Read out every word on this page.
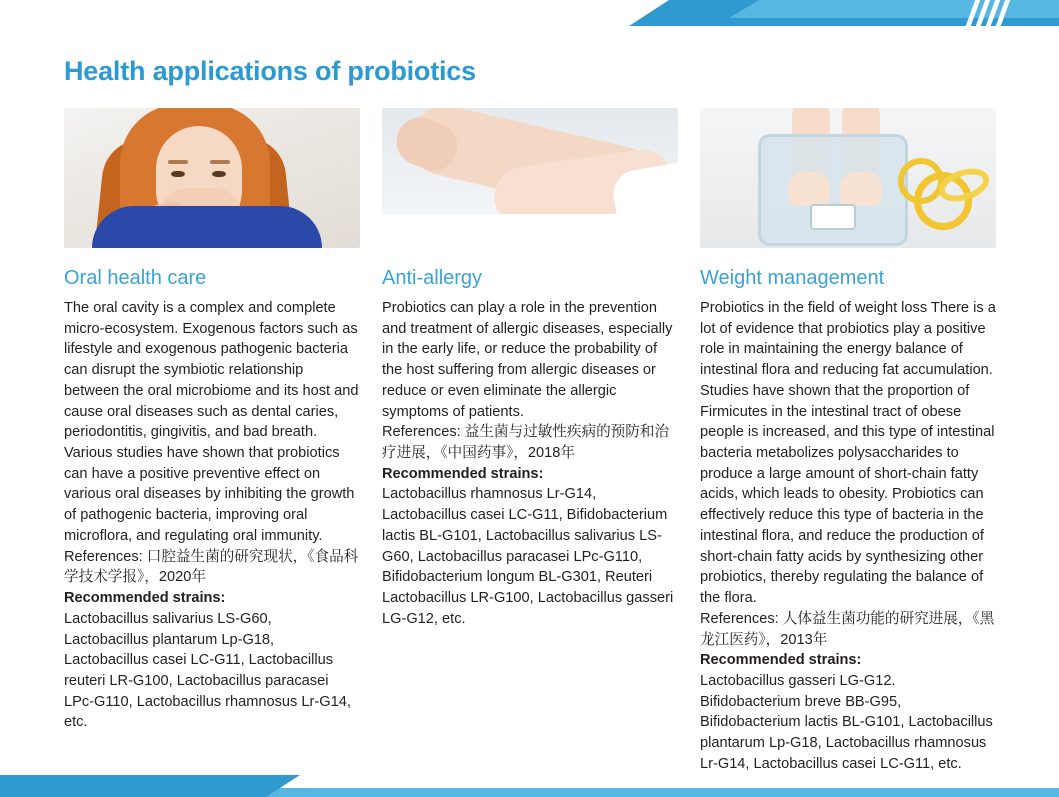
Health applications of probiotics
Oral health care

The oral cavity is a complex and complete micro-ecosystem. Exogenous factors such as lifestyle and exogenous pathogenic bacteria can disrupt the symbiotic relationship between the oral microbiome and its host and cause oral diseases such as dental caries, periodontitis, gingivitis, and bad breath. Various studies have shown that probiotics can have a positive preventive effect on various oral diseases by inhibiting the growth of pathogenic bacteria, improving oral microflora, and regulating oral immunity.

References: 口腔益生菌的研究现状，《食品科学技术学报》，2020年

Recommended strains:

Lactobacillus salivarius LS-G60, Lactobacillus plantarum Lp-G18, Lactobacillus casei LC-G11, Lactobacillus reuteri LR-G100, Lactobacillus paracasei LPc-G110, Lactobacillus rhamnosus Lr-G14, etc.

Anti-allergy

Probiotics can play a role in the prevention and treatment of allergic diseases, especially in the early life, or reduce the probability of the host suffering from allergic diseases or reduce or even eliminate the allergic symptoms of patients.

References: 益生菌与过敏性疾病的预防和治疗进展，《中国药事》，2018年

Recommended strains:

Lactobacillus rhamnosus Lr-G14, Lactobacillus casei LC-G11, Bifidobacterium lactis BL-G101, Lactobacillus salivarius LS-G60, Lactobacillus paracasei LPc-G110, Bifidobacterium longum BL-G301, Reuteri Lactobacillus LR-G100, Lactobacillus gasseri LG-G12, etc.

Weight management

Probiotics in the field of weight loss There is a lot of evidence that probiotics play a positive role in maintaining the energy balance of intestinal flora and reducing fat accumulation. Studies have shown that the proportion of Firmicutes in the intestinal tract of obese people is increased, and this type of intestinal bacteria metabolizes polysaccharides to produce a large amount of short-chain fatty acids, which leads to obesity. Probiotics can effectively reduce this type of bacteria in the intestinal flora, and reduce the production of short-chain fatty acids by synthesizing other probiotics, thereby regulating the balance of the flora.

References: 人体益生菌功能的研究进展，《黑龙江医药》，2013年

Recommended strains:

Lactobacillus gasseri LG-G12. Bifidobacterium breve BB-G95, Bifidobacterium lactis BL-G101, Lactobacillus plantarum Lp-G18, Lactobacillus rhamnosus Lr-G14, Lactobacillus casei LC-G11, etc.
